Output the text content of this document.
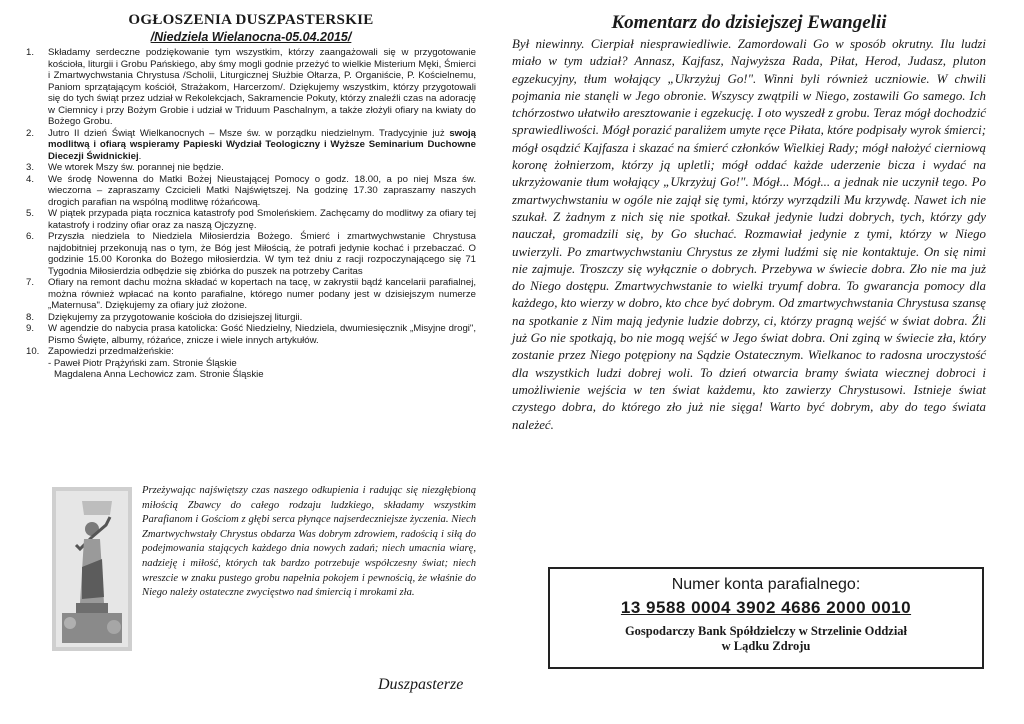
OGŁOSZENIA DUSZPASTERSKIE
/Niedziela Wielanocna-05.04.2015/
1.	Składamy serdeczne podziękowanie tym wszystkim, którzy zaangażowali się w przygotowanie kościoła, liturgii i Grobu Pańskiego, aby śmy mogli godnie przeżyć to wielkie Misterium Męki, Śmierci i Zmartwychwstania Chrystusa /Scholii, Liturgicznej Służbie Ołtarza, P. Organiście, P. Kościelnemu, Paniom sprzątającym kościół, Strażakom, Harcerzom/. Dziękujemy wszystkim, którzy przygotowali się do tych świąt przez udział w Rekolekcjach, Sakramencie Pokuty, którzy znaleźli czas na adorację w Ciemnicy i przy Bożym Grobie i udział w Triduum Paschalnym, a także złożyli ofiary na kwiaty do Bożego Grobu.
2.	Jutro II dzień Świąt Wielkanocnych – Msze św. w porządku niedzielnym. Tradycyjnie już swoją modlitwą i ofiarą wspieramy Papieski Wydział Teologiczny i Wyższe Seminarium Duchowne Diecezji Świdnickiej.
3.	We wtorek Mszy św. porannej nie będzie.
4.	We środę Nowenna do Matki Bożej Nieustającej Pomocy o godz. 18.00, a po niej Msza św. wieczorna – zapraszamy Czcicieli Matki Najświętszej. Na godzinę 17.30 zapraszamy naszych drogich parafian na wspólną modlitwę różańcową.
5.	W piątek przypada piąta rocznica katastrofy pod Smoleńskiem. Zachęcamy do modlitwy za ofiary tej katastrofy i rodziny ofiar oraz za naszą Ojczyznę.
6.	Przyszła niedziela to Niedziela Miłosierdzia Bożego. Śmierć i zmartwychwstanie Chrystusa najdobitniej przekonują nas o tym, że Bóg jest Miłością, że potrafi jedynie kochać i przebaczać. O godzinie 15.00 Koronka do Bożego miłosierdzia. W tym też dniu z racji rozpoczynającego się 71 Tygodnia Miłosierdzia odbędzie się zbiórka do puszek na potrzeby Caritas
7.	Ofiary na remont dachu można składać w kopertach na tacę, w zakrystii bądź kancelarii parafialnej, można również wpłacać na konto parafialne, którego numer podany jest w dzisiejszym numerze „Maternusa". Dziękujemy za ofiary już złożone.
8.	Dziękujemy za przygotowanie kościoła do dzisiejszej liturgii.
9.	W agendzie do nabycia prasa katolicka: Gość Niedzielny, Niedziela, dwumiesięcznik „Misyjne drogi", Pismo Święte, albumy, różańce, znicze i wiele innych artykułów.
10. Zapowiedzi przedmałżeńskie:
- Paweł Piotr Prążyński zam. Stronie Śląskie
Magdalena Anna Lechowicz zam. Stronie Śląskie
Przeżywając najświętszy czas naszego odkupienia i radując się niezgłębioną miłością Zbawcy do całego rodzaju ludzkiego, składamy wszystkim Parafianom i Gościom z głębi serca płynące najserdeczniejsze życzenia. Niech Zmartwychwstały Chrystus obdarza Was dobrym zdrowiem, radością i siłą do podejmowania stających każdego dnia nowych zadań; niech umacnia wiarę, nadzieję i miłość, których tak bardzo potrzebuje współczesny świat; niech wreszcie w znaku pustego grobu napełnia pokojem i pewnością, że właśnie do Niego należy ostateczne zwycięstwo nad śmiercią i mrokami zła.
Duszpasterze
Komentarz do dzisiejszej Ewangelii

Był niewinny. Cierpiał niesprawiedliwie. Zamordowali Go w sposób okrutny. Ilu ludzi miało w tym udział? Annasz, Kajfasz, Najwyższa Rada, Piłat, Herod, Judasz, pluton egzekucyjny, tłum wołający „Ukrzyżuj Go!". Winni byli również uczniowie. W chwili pojmania nie stanęli w Jego obronie. Wszyscy zwątpili w Niego, zostawili Go samego. Ich tchórzostwo ułatwiło aresztowanie i egzekucję. I oto wyszedł z grobu. Teraz mógł dochodzić sprawiedliwości. Mógł porazić paraliżem umyte ręce Piłata, które podpisały wyrok śmierci; mógł osądzić Kajfasza i skazać na śmierć członków Wielkiej Rady; mógł nałożyć cierniową koronę żołnierzom, którzy ją upletli; mógł oddać każde uderzenie bicza i wydać na ukrzyżowanie tłum wołający „Ukrzyżuj Go!". Mógł... Mógł... a jednak nie uczynił tego. Po zmartwychwstaniu w ogóle nie zajął się tymi, którzy wyrządzili Mu krzywdę. Nawet ich nie szukał. Z żadnym z nich się nie spotkał. Szukał jedynie ludzi dobrych, tych, którzy gdy nauczał, gromadzili się, by Go słuchać. Rozmawiał jedynie z tymi, którzy w Niego uwierzyli. Po zmartwychwstaniu Chrystus ze złymi ludźmi się nie kontaktuje. On się nimi nie zajmuje. Troszczy się wyłącznie o dobrych. Przebywa w świecie dobra. Zło nie ma już do Niego dostępu. Zmartwychwstanie to wielki tryumf dobra. To gwarancja pomocy dla każdego, kto wierzy w dobro, kto chce być dobrym. Od zmartwychwstania Chrystusa szansę na spotkanie z Nim mają jedynie ludzie dobrzy, ci, którzy pragną wejść w świat dobra. Źli już Go nie spotkają, bo nie mogą wejść w Jego świat dobra. Oni zginą w świecie zła, który zostanie przez Niego potępiony na Sądzie Ostatecznym. Wielkanoc to radosna uroczystość dla wszystkich ludzi dobrej woli. To dzień otwarcia bramy świata wiecznej dobroci i umożliwienie wejścia w ten świat każdemu, kto zawierzy Chrystusowi. Istnieje świat czystego dobra, do którego zło już nie sięga! Warto być dobrym, aby do tego świata należeć.

Numer konta parafialnego:
13 9588 0004 3902 4686 2000 0010
Gospodarczy Bank Spółdzielczy w Strzelinie Oddział
w Lądku Zdroju
